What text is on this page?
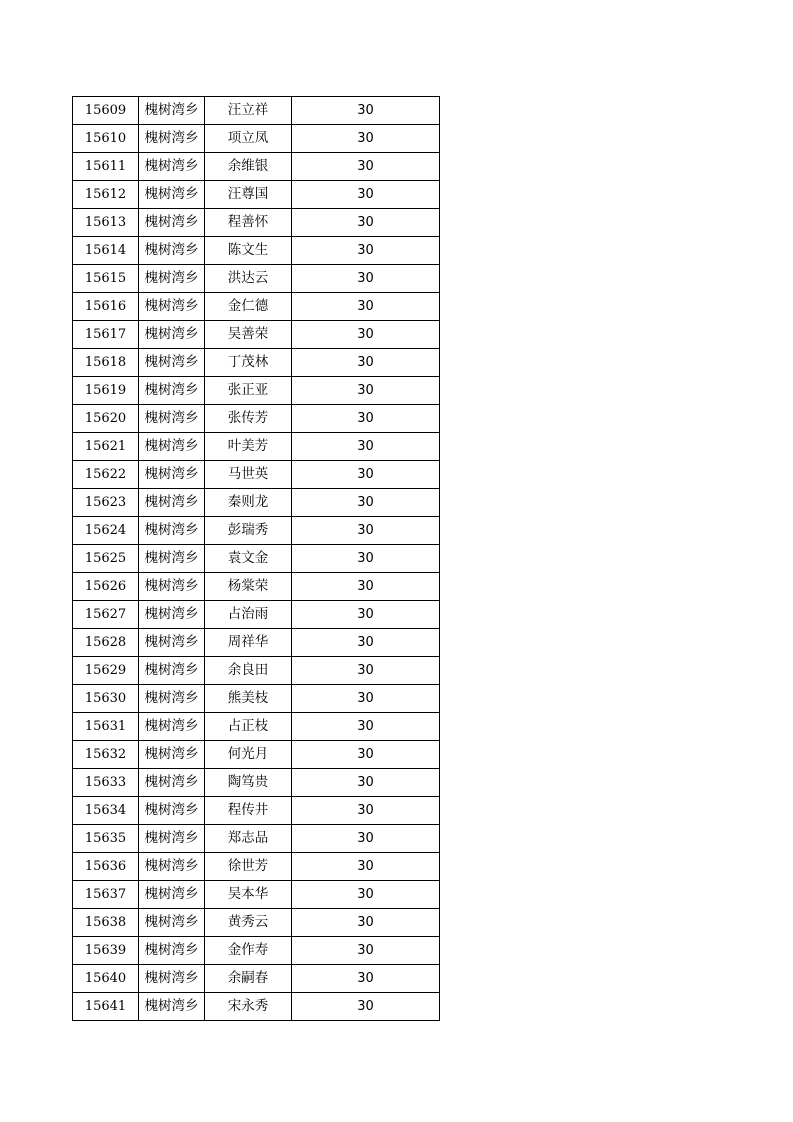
15609	槐树湾乡	汪立祥	30
15610	槐树湾乡	项立凤	30
15611	槐树湾乡	余维银	30
15612	槐树湾乡	汪尊国	30
15613	槐树湾乡	程善怀	30
15614	槐树湾乡	陈文生	30
15615	槐树湾乡	洪达云	30
15616	槐树湾乡	金仁德	30
15617	槐树湾乡	吴善荣	30
15618	槐树湾乡	丁茂林	30
15619	槐树湾乡	张正亚	30
15620	槐树湾乡	张传芳	30
15621	槐树湾乡	叶美芳	30
15622	槐树湾乡	马世英	30
15623	槐树湾乡	秦则龙	30
15624	槐树湾乡	彭瑞秀	30
15625	槐树湾乡	袁文金	30
15626	槐树湾乡	杨棠荣	30
15627	槐树湾乡	占治雨	30
15628	槐树湾乡	周祥华	30
15629	槐树湾乡	余良田	30
15630	槐树湾乡	熊美枝	30
15631	槐树湾乡	占正枝	30
15632	槐树湾乡	何光月	30
15633	槐树湾乡	陶笃贵	30
15634	槐树湾乡	程传井	30
15635	槐树湾乡	郑志品	30
15636	槐树湾乡	徐世芳	30
15637	槐树湾乡	吴本华	30
15638	槐树湾乡	黄秀云	30
15639	槐树湾乡	金作寿	30
15640	槐树湾乡	余嗣春	30
15641	槐树湾乡	宋永秀	30
